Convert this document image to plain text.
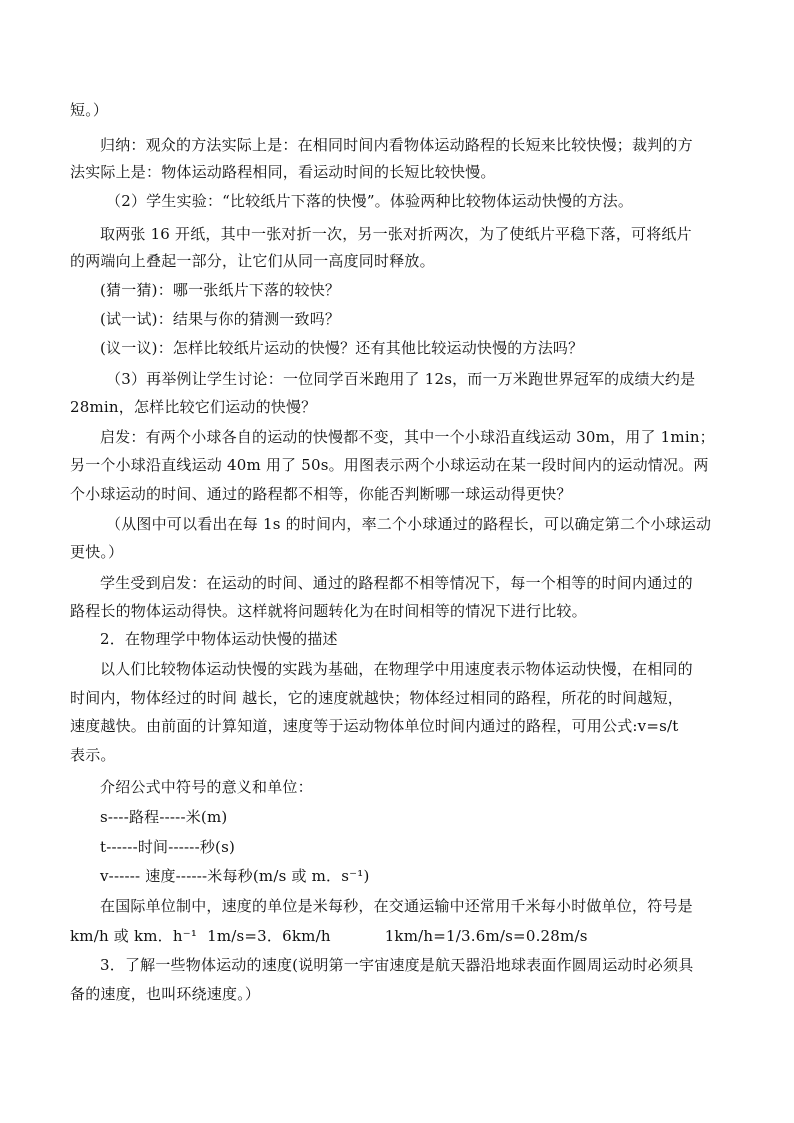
短。）
归纳：观众的方法实际上是：在相同时间内看物体运动路程的长短来比较快慢；裁判的方
法实际上是：物体运动路程相同，看运动时间的长短比较快慢。
（2）学生实验：“比较纸片下落的快慢”。体验两种比较物体运动快慢的方法。
取两张 16 开纸，其中一张对折一次，另一张对折两次，为了使纸片平稳下落，可将纸片
的两端向上叠起一部分，让它们从同一高度同时释放。
(猜一猜)：哪一张纸片下落的较快？
(试一试)：结果与你的猜测一致吗？
(议一议)：怎样比较纸片运动的快慢？还有其他比较运动快慢的方法吗？
（3）再举例让学生讨论：一位同学百米跑用了 12s，而一万米跑世界冠军的成绩大约是
28min，怎样比较它们运动的快慢？
启发：有两个小球各自的运动的快慢都不变，其中一个小球沿直线运动 30m，用了 1min；
另一个小球沿直线运动 40m 用了 50s。用图表示两个小球运动在某一段时间内的运动情况。两
个小球运动的时间、通过的路程都不相等，你能否判断哪一球运动得更快？
（从图中可以看出在每 1s 的时间内，率二个小球通过的路程长，可以确定第二个小球运动
更快。）
学生受到启发：在运动的时间、通过的路程都不相等情况下，每一个相等的时间内通过的
路程长的物体运动得快。这样就将问题转化为在时间相等的情况下进行比较。
2．在物理学中物体运动快慢的描述
以人们比较物体运动快慢的实践为基础，在物理学中用速度表示物体运动快慢，在相同的
时间内，物体经过的时间 越长，它的速度就越快；物体经过相同的路程，所花的时间越短，
速度越快。由前面的计算知道，速度等于运动物体单位时间内通过的路程，可用公式:v=s/t
表示。
介绍公式中符号的意义和单位：
s----路程-----米(m)
t------时间------秒(s)
v------ 速度------米每秒(m/s 或 m．s⁻¹)
在国际单位制中，速度的单位是米每秒，在交通运输中还常用千米每小时做单位，符号是
km/h 或 km．h⁻¹ 1m/s=3．6km/h	1km/h=1/3.6m/s=0.28m/s
3．了解一些物体运动的速度(说明第一宇宙速度是航天器沿地球表面作圆周运动时必须具
备的速度，也叫环绕速度。）
